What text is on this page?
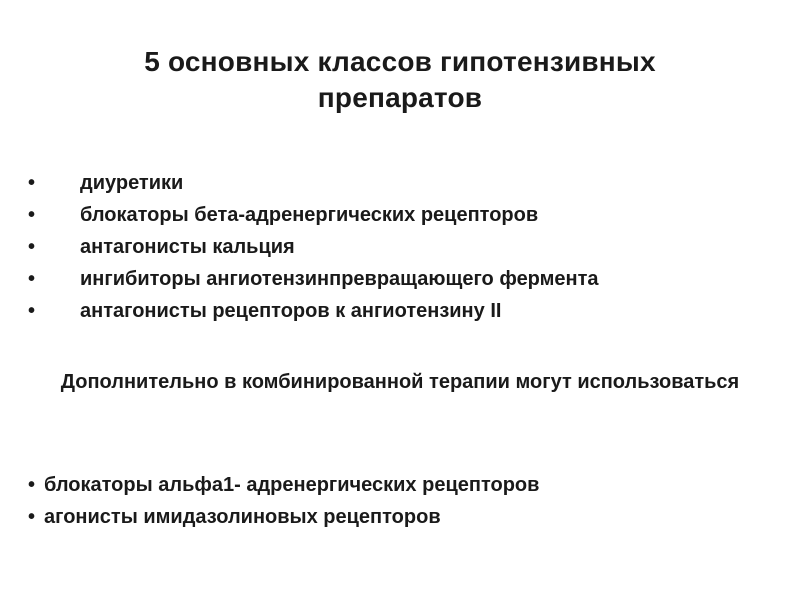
5 основных классов гипотензивных препаратов
• диуретики
• блокаторы бета-адренергических рецепторов
• антагонисты кальция
• ингибиторы ангиотензинпревращающего фермента
• антагонисты рецепторов к ангиотензину II
Дополнительно в комбинированной терапии могут использоваться
• блокаторы альфа1- адренергических рецепторов
• агонисты имидазолиновых рецепторов
